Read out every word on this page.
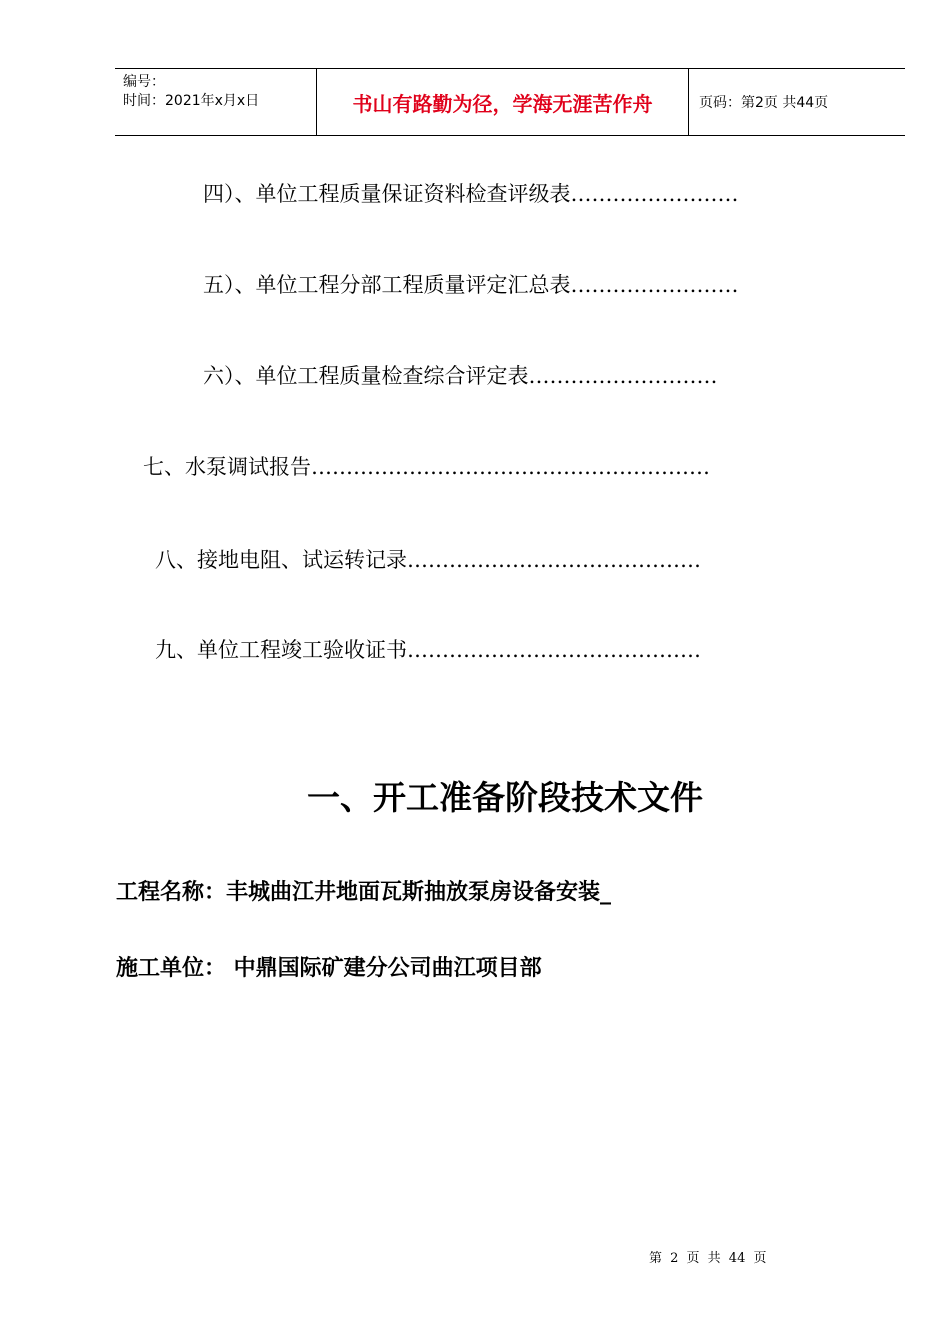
编号：
时间：2021年x月x日	书山有路勤为径，学海无涯苦作舟	页码：第2页 共44页
四）、单位工程质量保证资料检查评级表……………………
五）、单位工程分部工程质量评定汇总表……………………
六）、单位工程质量检查综合评定表………………………
七、水泵调试报告…………………………………………………
八、接地电阻、试运转记录……………………………………
九、单位工程竣工验收证书……………………………………
一、开工准备阶段技术文件
工程名称：丰城曲江井地面瓦斯抽放泵房设备安装_
施工单位： 中鼎国际矿建分公司曲江项目部
第 2 页 共 44 页
